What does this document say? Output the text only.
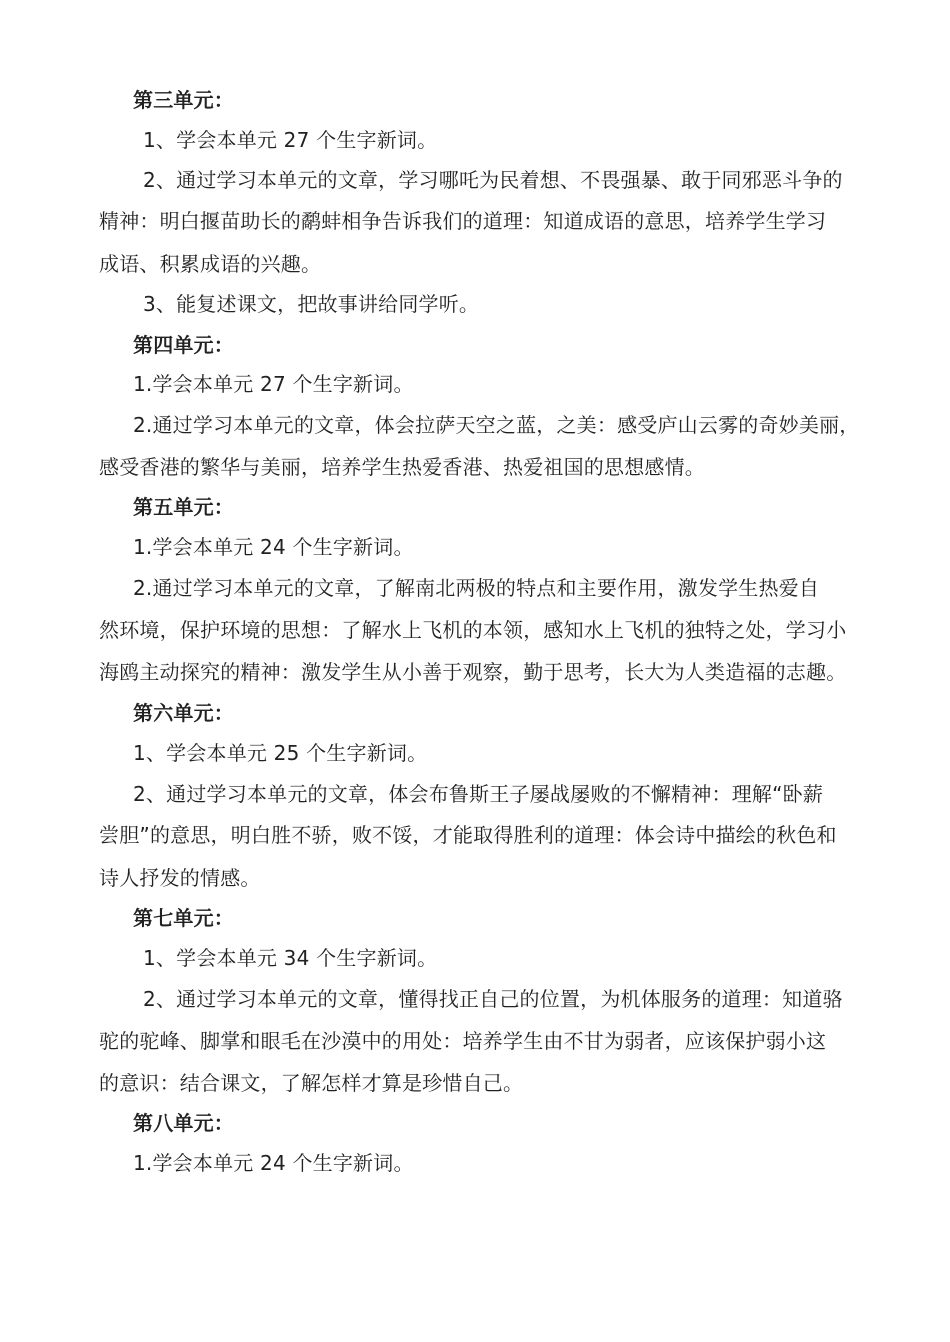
第三单元：
1、学会本单元 27 个生字新词。
2、通过学习本单元的文章，学习哪吒为民着想、不畏强暴、敢于同邪恶斗争的
精神：明白揠苗助长的鹬蚌相争告诉我们的道理：知道成语的意思，培养学生学习
成语、积累成语的兴趣。
3、能复述课文，把故事讲给同学听。
第四单元：
1.学会本单元 27 个生字新词。
2.通过学习本单元的文章，体会拉萨天空之蓝，之美：感受庐山云雾的奇妙美丽，
感受香港的繁华与美丽，培养学生热爱香港、热爱祖国的思想感情。
第五单元：
1.学会本单元 24 个生字新词。
2.通过学习本单元的文章，了解南北两极的特点和主要作用，激发学生热爱自
然环境，保护环境的思想：了解水上飞机的本领，感知水上飞机的独特之处，学习小
海鸥主动探究的精神：激发学生从小善于观察，勤于思考，长大为人类造福的志趣。
第六单元：
1、学会本单元 25 个生字新词。
2、通过学习本单元的文章，体会布鲁斯王子屡战屡败的不懈精神：理解“卧薪
尝胆”的意思，明白胜不骄，败不馁，才能取得胜利的道理：体会诗中描绘的秋色和
诗人抒发的情感。
第七单元：
1、学会本单元 34 个生字新词。
2、通过学习本单元的文章，懂得找正自己的位置，为机体服务的道理：知道骆
驼的驼峰、脚掌和眼毛在沙漠中的用处：培养学生由不甘为弱者，应该保护弱小这
的意识：结合课文，了解怎样才算是珍惜自己。
第八单元：
1.学会本单元 24 个生字新词。
